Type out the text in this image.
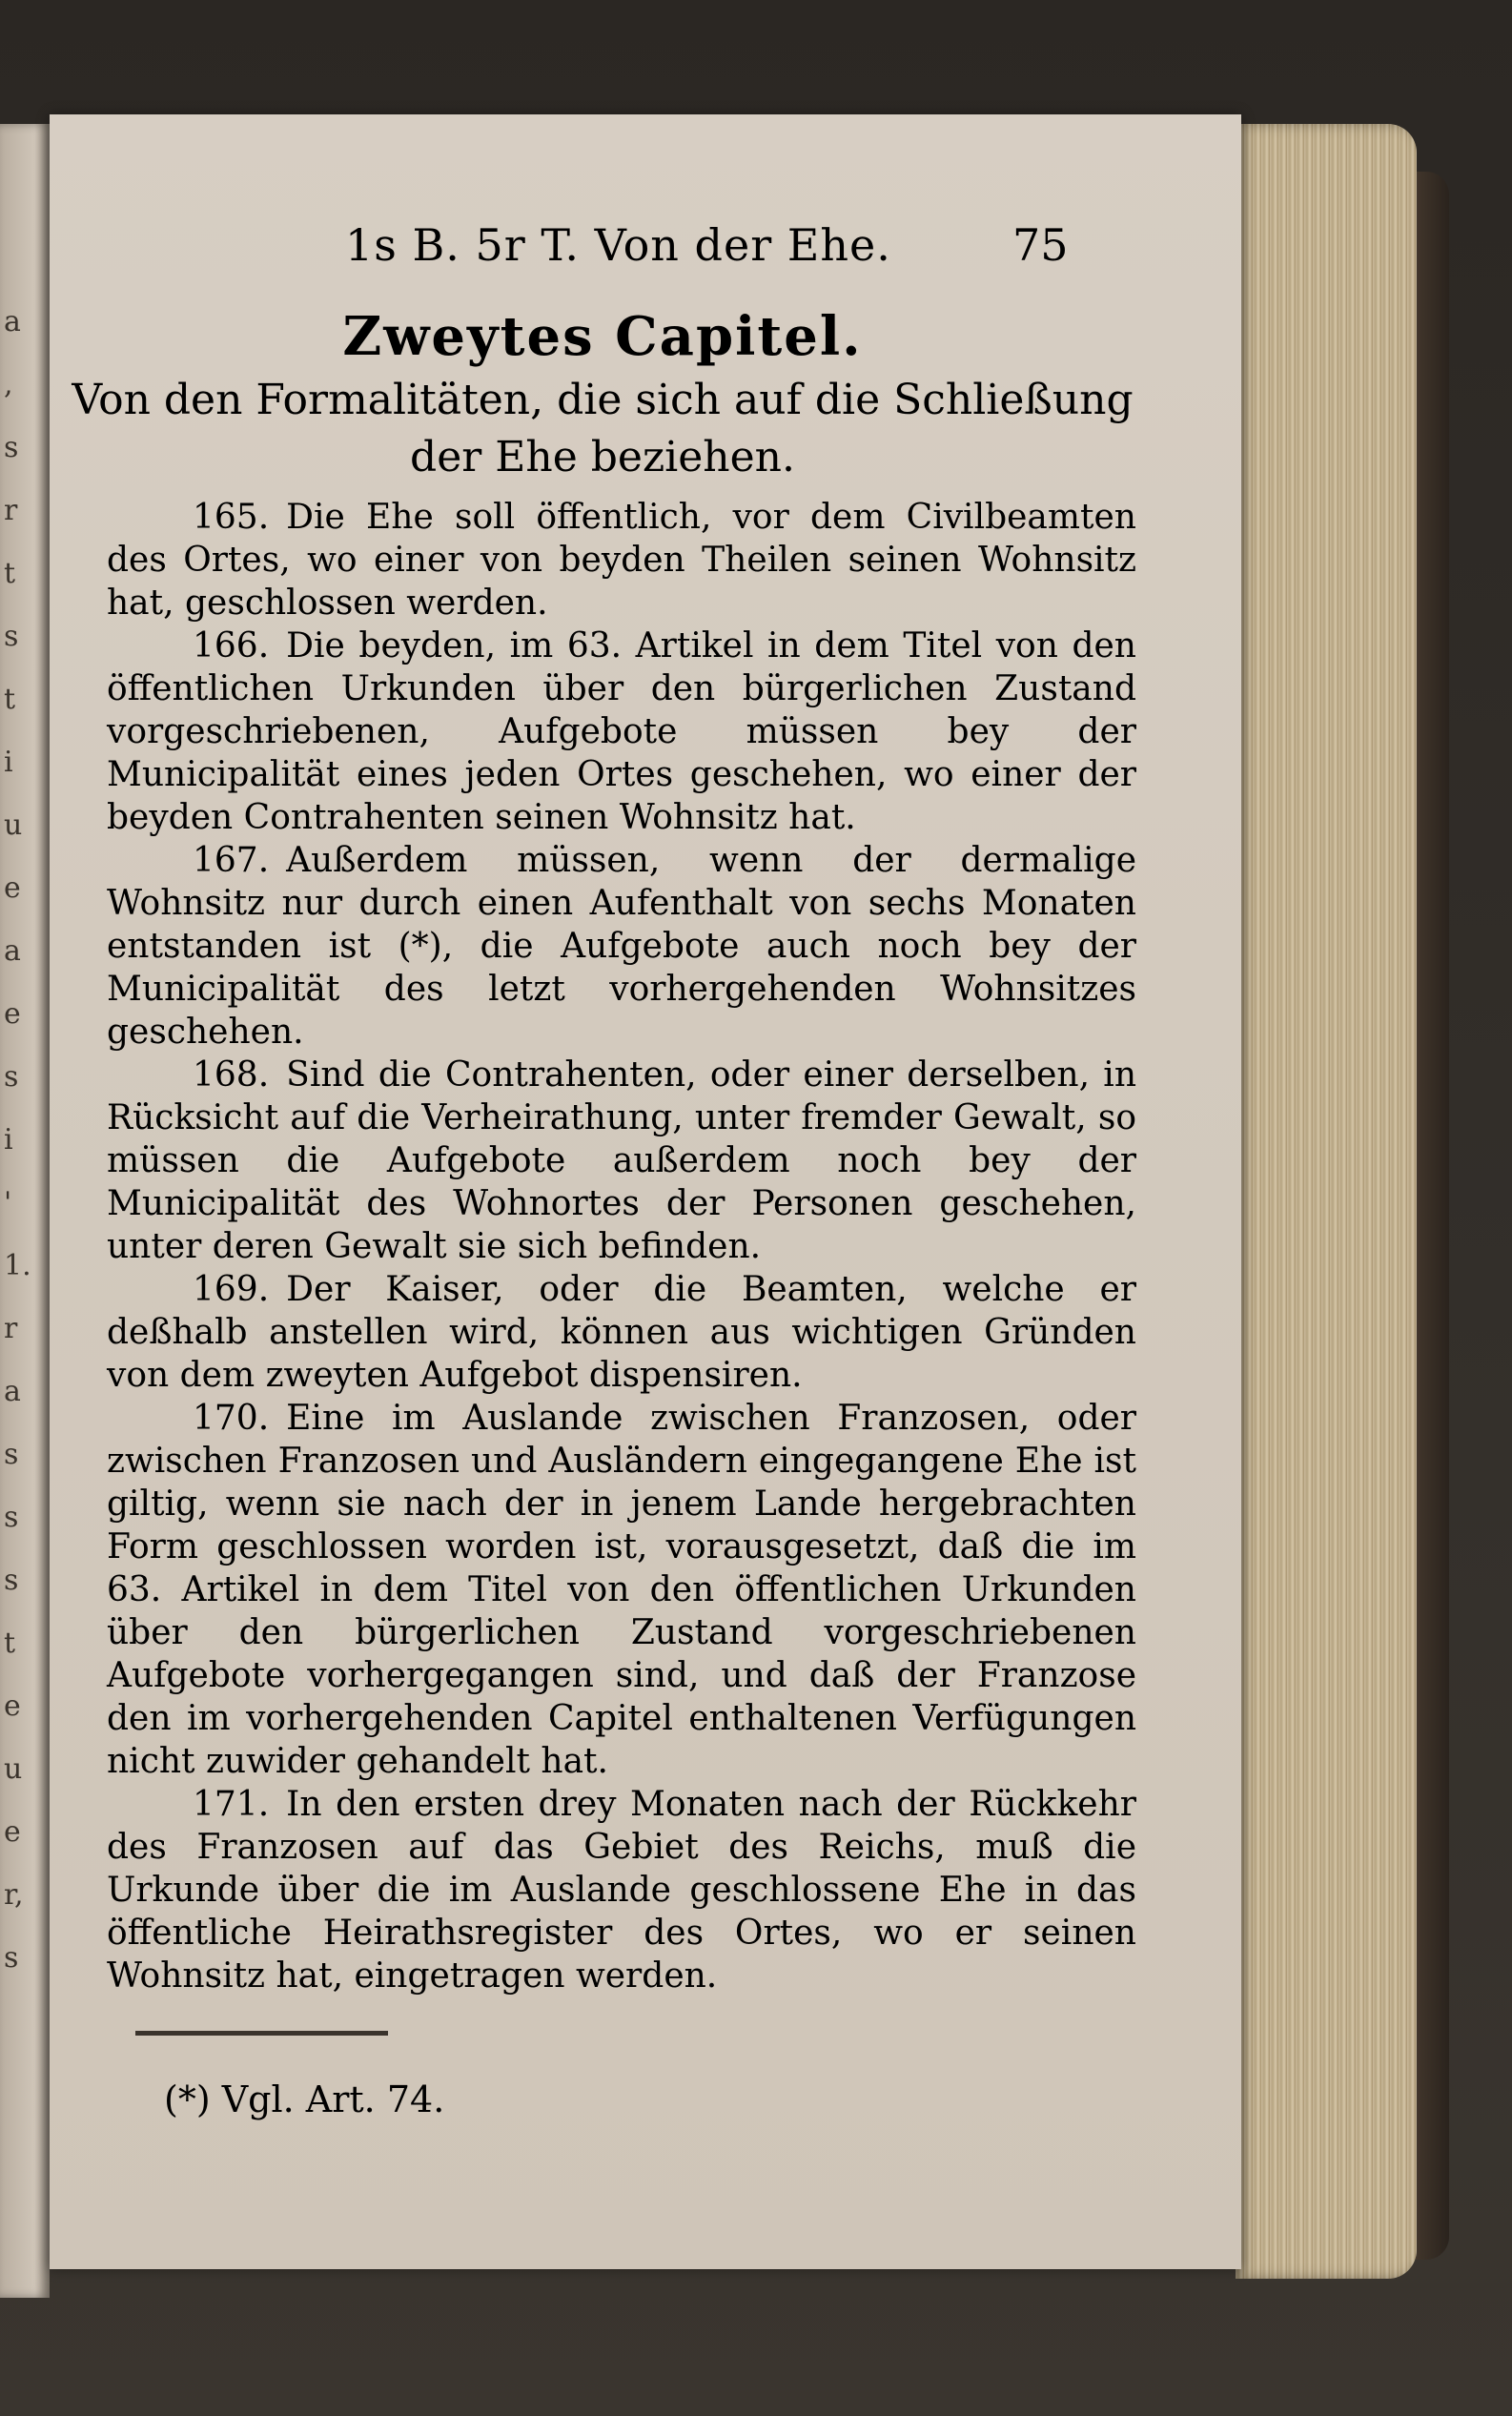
a
,
s
r
t
s
t
i
u
e
a
e
s
i
'
1.
r
a
s
s
s
t
e
u
e
r,
s
1s B. 5r T. Von der Ehe.	75
Zweytes Capitel.
Von den Formalitäten, die sich auf die Schließung
der Ehe beziehen.

165. Die Ehe soll öffentlich, vor dem Civilbeamten des Ortes, wo einer von beyden Theilen seinen Wohnsitz hat, geschlossen werden.

166. Die beyden, im 63. Artikel in dem Titel von den öffentlichen Urkunden über den bürgerlichen Zustand vorgeschriebenen, Aufgebote müssen bey der Municipalität eines jeden Ortes geschehen, wo einer der beyden Contrahenten seinen Wohnsitz hat.

167. Außerdem müssen, wenn der dermalige Wohnsitz nur durch einen Aufenthalt von sechs Monaten entstanden ist (*), die Aufgebote auch noch bey der Municipalität des letzt vorhergehenden Wohnsitzes geschehen.

168. Sind die Contrahenten, oder einer derselben, in Rücksicht auf die Verheirathung, unter fremder Gewalt, so müssen die Aufgebote außerdem noch bey der Municipalität des Wohnortes der Personen geschehen, unter deren Gewalt sie sich befinden.

169. Der Kaiser, oder die Beamten, welche er deßhalb anstellen wird, können aus wichtigen Gründen von dem zweyten Aufgebot dispensiren.

170. Eine im Auslande zwischen Franzosen, oder zwischen Franzosen und Ausländern eingegangene Ehe ist giltig, wenn sie nach der in jenem Lande hergebrachten Form geschlossen worden ist, vorausgesetzt, daß die im 63. Artikel in dem Titel von den öffentlichen Urkunden über den bürgerlichen Zustand vorgeschriebenen Aufgebote vorhergegangen sind, und daß der Franzose den im vorhergehenden Capitel enthaltenen Verfügungen nicht zuwider gehandelt hat.

171. In den ersten drey Monaten nach der Rückkehr des Franzosen auf das Gebiet des Reichs, muß die Urkunde über die im Auslande geschlossene Ehe in das öffentliche Heirathsregister des Ortes, wo er seinen Wohnsitz hat, eingetragen werden.

(*) Vgl. Art. 74.
